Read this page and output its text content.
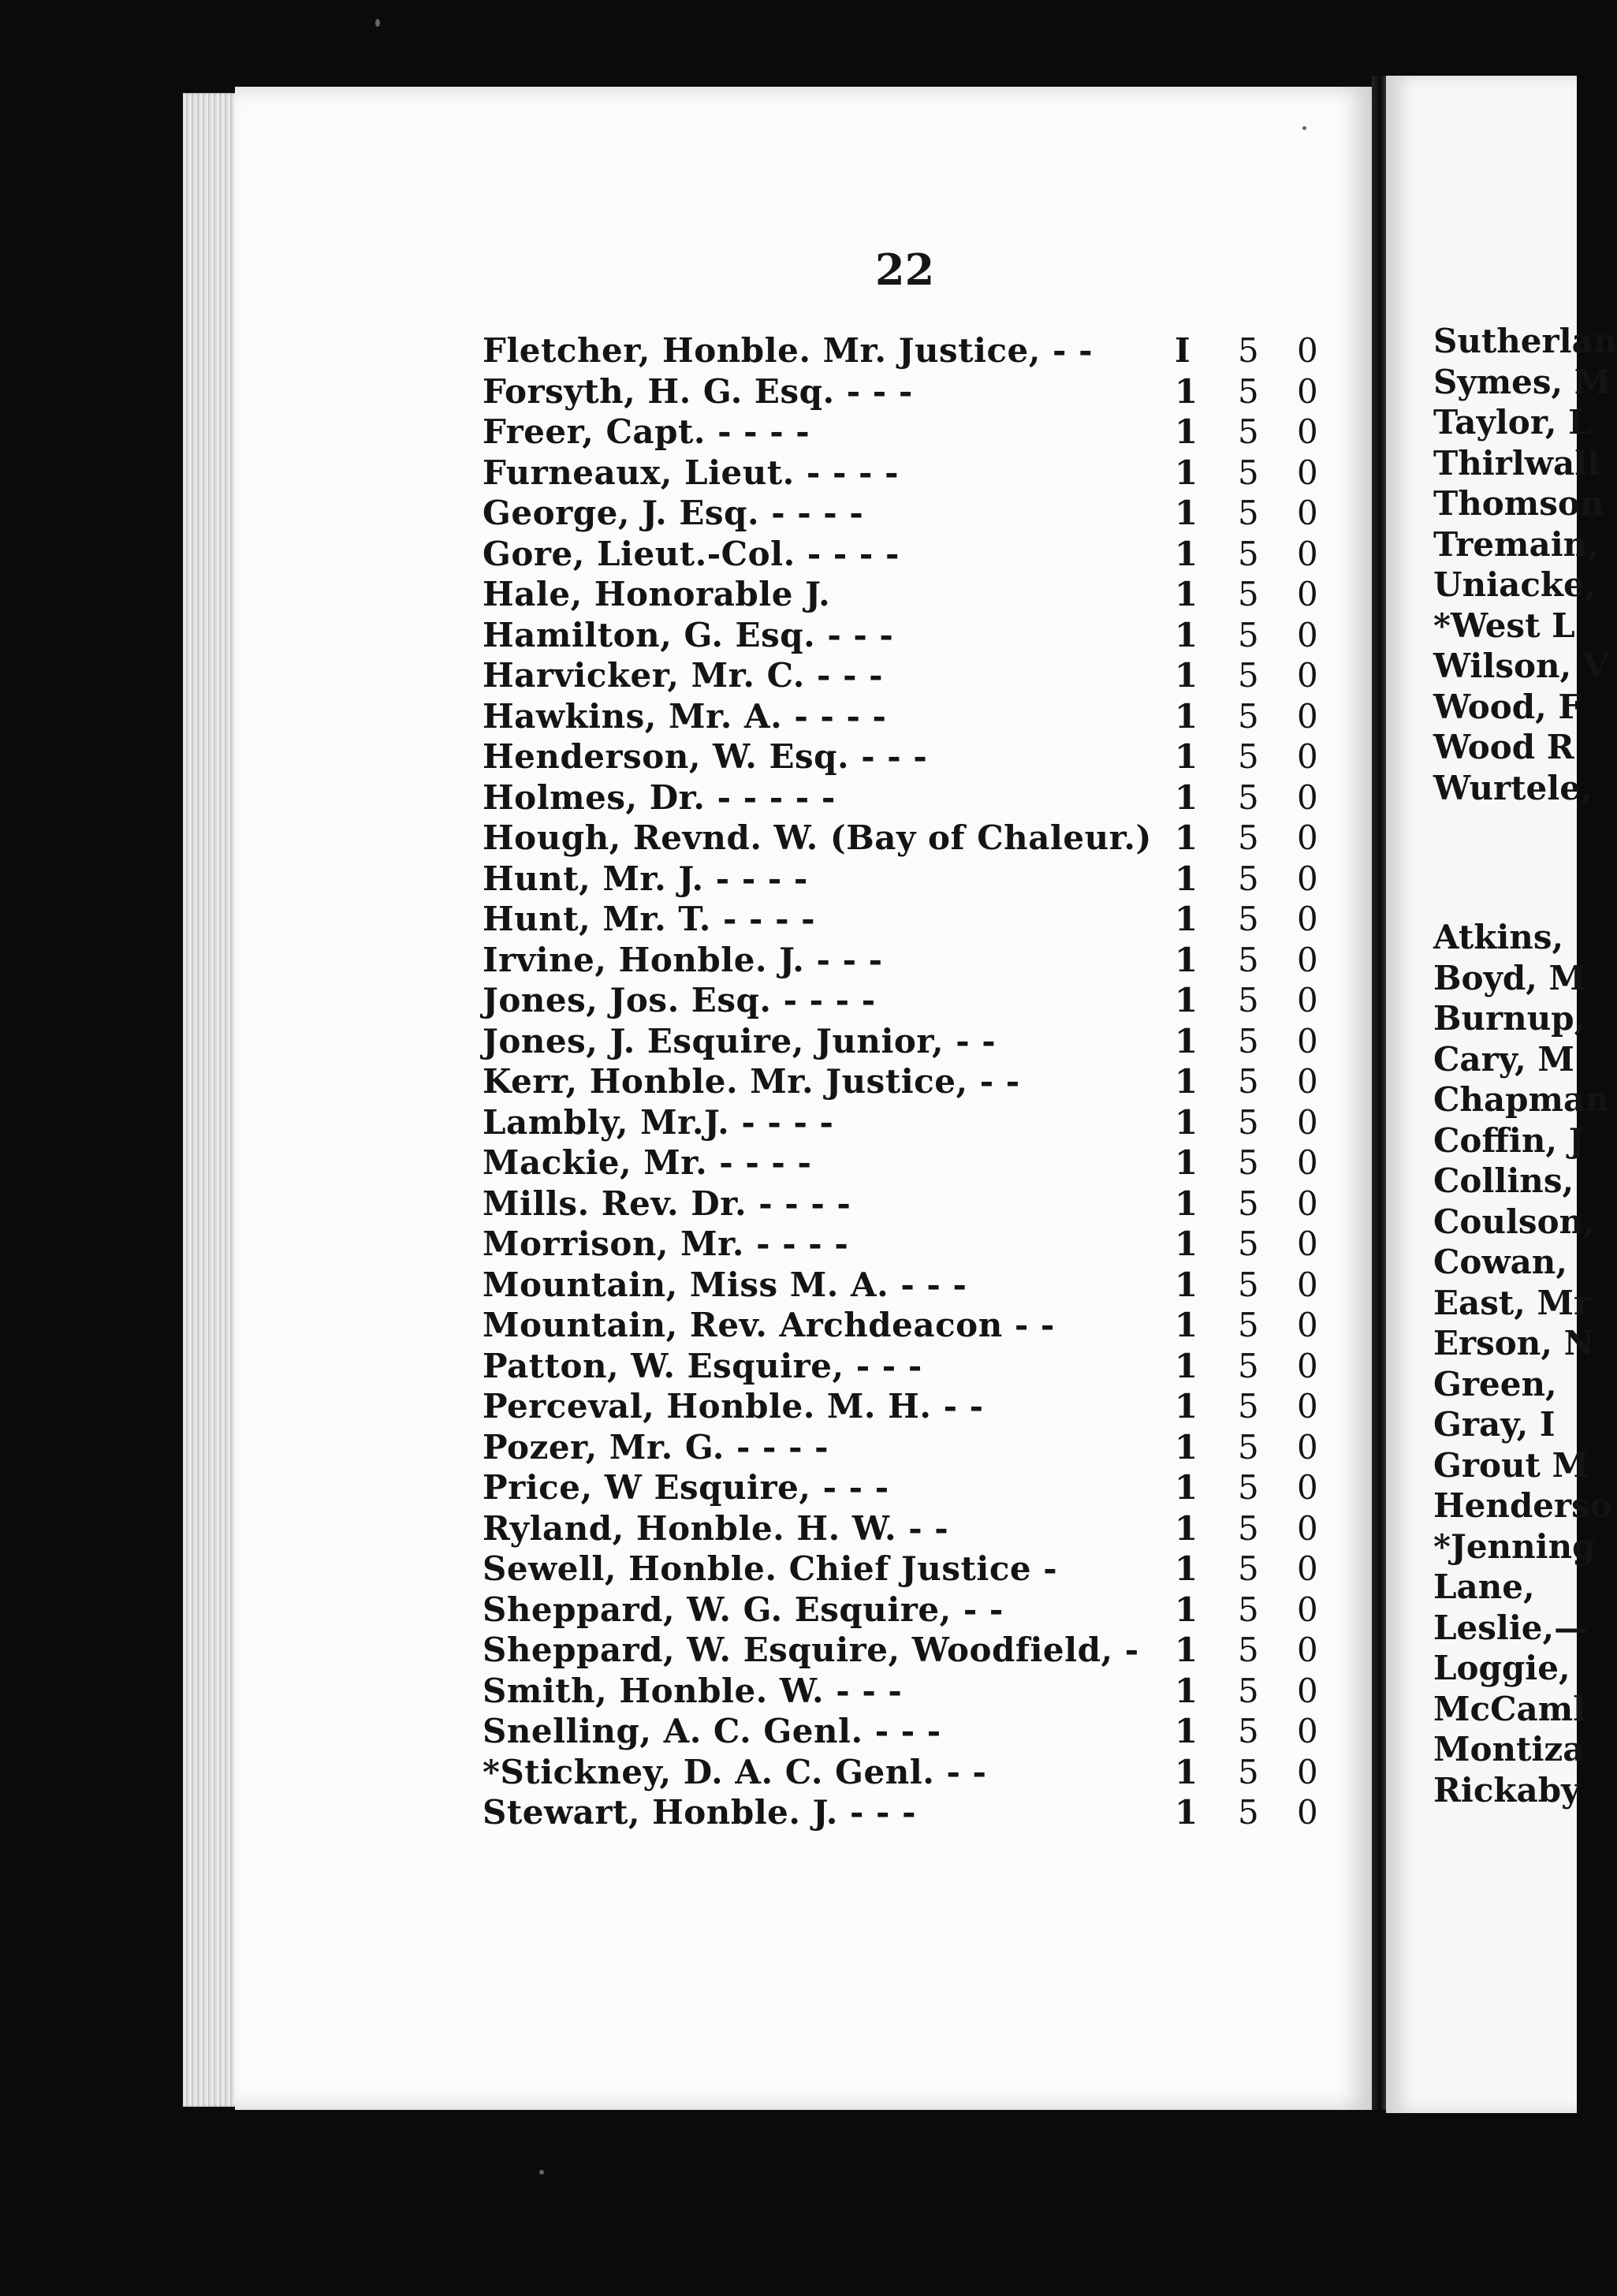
22
Fletcher, Honble. Mr. Justice, - - I 5 0
Forsyth, H. G. Esq. - - -	1 5 0
Freer, Capt. - - - -	1 5 0
Furneaux, Lieut. - - - -	1 5 0
George, J. Esq. - - - -	1 5 0
Gore, Lieut.-Col. - - - -	1 5 0
Hale, Honorable J.	1 5 0
Hamilton, G. Esq. - - -	1 5 0
Harvicker, Mr. C. - - -	1 5 0
Hawkins, Mr. A. - - - -	1 5 0
Henderson, W. Esq. - - -	1 5 0
Holmes, Dr. - - - - -	1 5 0
Hough, Revnd. W. (Bay of Chaleur.) 1 5 0
Hunt, Mr. J. - - - -	1 5 0
Hunt, Mr. T. - - - -	1 5 0
Irvine, Honble. J. - - -	1 5 0
Jones, Jos. Esq. - - - -	1 5 0
Jones, J. Esquire, Junior, - -	1 5 0
Kerr, Honble. Mr. Justice, - -	1 5 0
Lambly, Mr.J. - - - -	1 5 0
Mackie, Mr. - - - -	1 5 0
Mills. Rev. Dr. - - - -	1 5 0
Morrison, Mr. - - - -	1 5 0
Mountain, Miss M. A. - - -	1 5 0
Mountain, Rev. Archdeacon - -	1 5 0
Patton, W. Esquire, - - -	1 5 0
Perceval, Honble. M. H. - -	1 5 0
Pozer, Mr. G. - - - -	1 5 0
Price, W Esquire, - - -	1 5 0
Ryland, Honble. H. W. - -	1 5 0
Sewell, Honble. Chief Justice -	1 5 0
Sheppard, W. G. Esquire, - -	1 5 0
Sheppard, W. Esquire, Woodfield, - 1 5 0
Smith, Honble. W. - - -	1 5 0
Snelling, A. C. Genl. - - -	1 5 0
*Stickney, D. A. C. Genl. - -	1 5 0
Stewart, Honble. J. - - -	1 5 0
Sutherlan
Symes, M
Taylor, L
Thirlwall
Thomson
Tremain,
Uniacke,
*West L
Wilson, V
Wood, F
Wood R
Wurtele,
Atkins,
Boyd, M
Burnup,
Cary, M
Chapman
Coffin, J
Collins,
Coulson,
Cowan,
East, Mr
Erson, N
Green,
Gray, I
Grout M
Henderso
*Jenning
Lane,
Leslie,—
Loggie,
McCaml
Montiza
Rickaby
